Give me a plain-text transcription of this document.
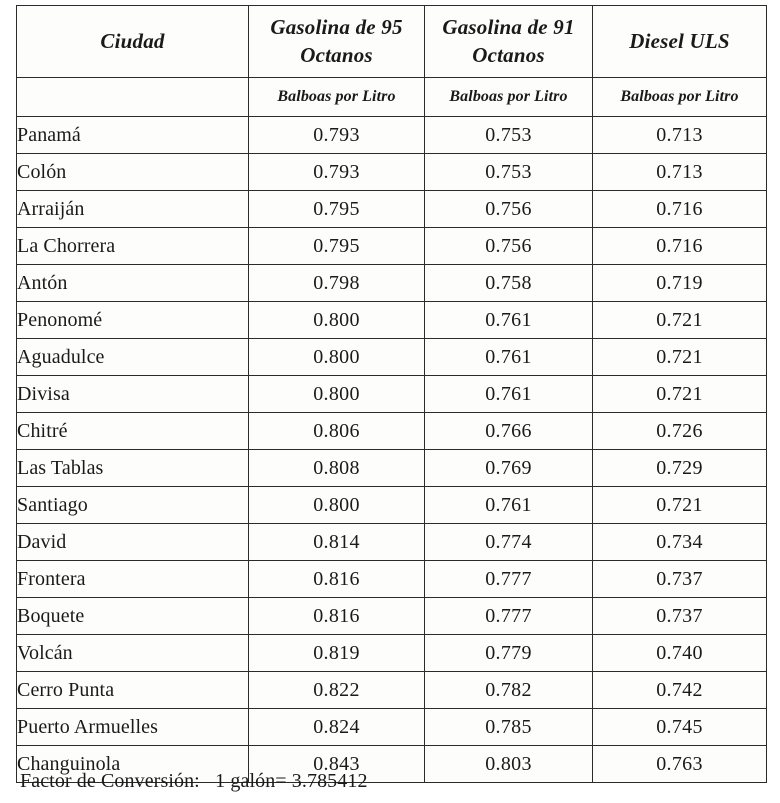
Ciudad	Gasolina de 95 Octanos	Gasolina de 91 Octanos	Diesel ULS
	Balboas por Litro	Balboas por Litro	Balboas por Litro
Panamá	0.793	0.753	0.713
Colón	0.793	0.753	0.713
Arraiján	0.795	0.756	0.716
La Chorrera	0.795	0.756	0.716
Antón	0.798	0.758	0.719
Penonomé	0.800	0.761	0.721
Aguadulce	0.800	0.761	0.721
Divisa	0.800	0.761	0.721
Chitré	0.806	0.766	0.726
Las Tablas	0.808	0.769	0.729
Santiago	0.800	0.761	0.721
David	0.814	0.774	0.734
Frontera	0.816	0.777	0.737
Boquete	0.816	0.777	0.737
Volcán	0.819	0.779	0.740
Cerro Punta	0.822	0.782	0.742
Puerto Armuelles	0.824	0.785	0.745
Changuinola	0.843	0.803	0.763
Factor de Conversión: 1 galón= 3.785412
